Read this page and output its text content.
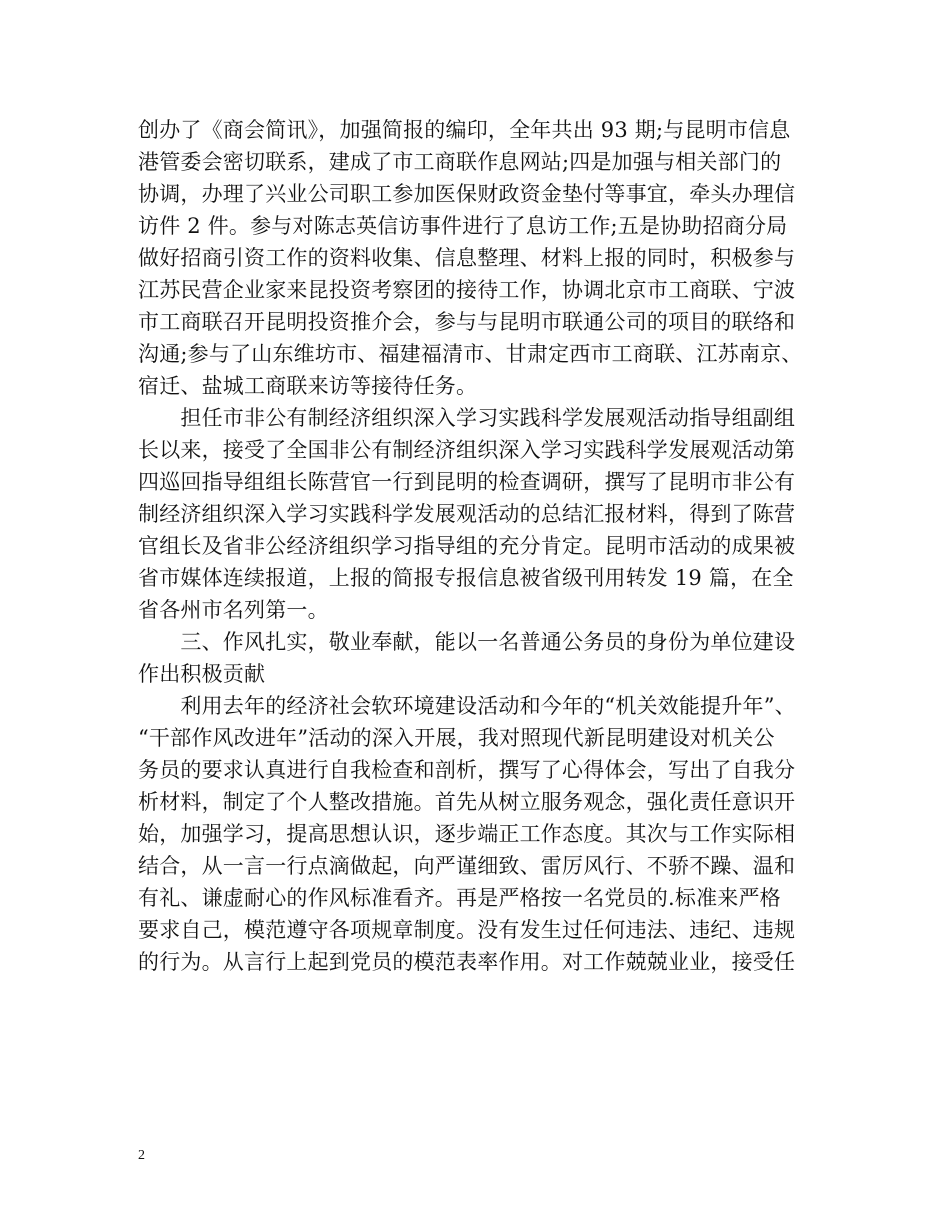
创办了《商会简讯》，加强简报的编印，全年共出 93 期;与昆明市信息
港管委会密切联系，建成了市工商联作息网站;四是加强与相关部门的
协调，办理了兴业公司职工参加医保财政资金垫付等事宜，牵头办理信
访件 2 件。参与对陈志英信访事件进行了息访工作;五是协助招商分局
做好招商引资工作的资料收集、信息整理、材料上报的同时，积极参与
江苏民营企业家来昆投资考察团的接待工作，协调北京市工商联、宁波
市工商联召开昆明投资推介会，参与与昆明市联通公司的项目的联络和
沟通;参与了山东维坊市、福建福清市、甘肃定西市工商联、江苏南京、
宿迁、盐城工商联来访等接待任务。
　　担任市非公有制经济组织深入学习实践科学发展观活动指导组副组
长以来，接受了全国非公有制经济组织深入学习实践科学发展观活动第
四巡回指导组组长陈营官一行到昆明的检查调研，撰写了昆明市非公有
制经济组织深入学习实践科学发展观活动的总结汇报材料，得到了陈营
官组长及省非公经济组织学习指导组的充分肯定。昆明市活动的成果被
省市媒体连续报道，上报的简报专报信息被省级刊用转发 19 篇，在全
省各州市名列第一。
　　三、作风扎实，敬业奉献，能以一名普通公务员的身份为单位建设
作出积极贡献
　　利用去年的经济社会软环境建设活动和今年的“机关效能提升年”、
“干部作风改进年”活动的深入开展，我对照现代新昆明建设对机关公
务员的要求认真进行自我检查和剖析，撰写了心得体会，写出了自我分
析材料，制定了个人整改措施。首先从树立服务观念，强化责任意识开
始，加强学习，提高思想认识，逐步端正工作态度。其次与工作实际相
结合，从一言一行点滴做起，向严谨细致、雷厉风行、不骄不躁、温和
有礼、谦虚耐心的作风标准看齐。再是严格按一名党员的.标准来严格
要求自己，模范遵守各项规章制度。没有发生过任何违法、违纪、违规
的行为。从言行上起到党员的模范表率作用。对工作兢兢业业，接受任
2
